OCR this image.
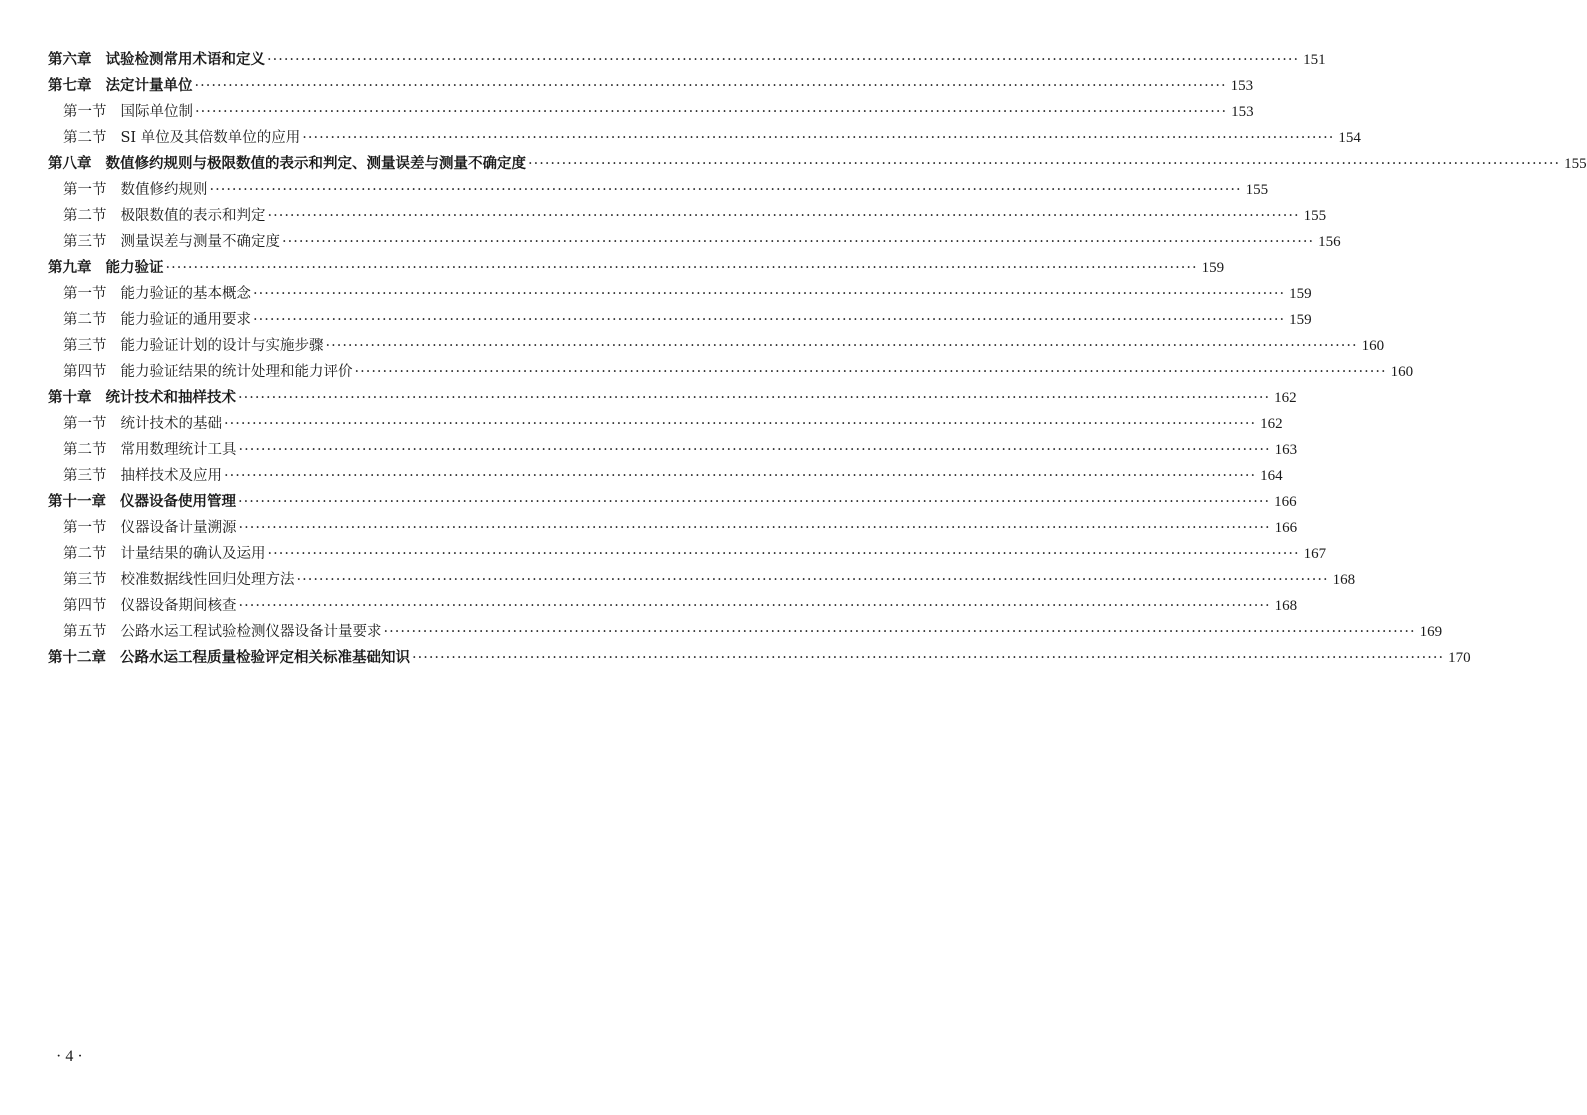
第六章 试验检测常用术语和定义 ·····	151
第七章 法定计量单位 ·····	153
第一节 国际单位制 ·····	153
第二节 SI 单位及其倍数单位的应用 ·····	154
第八章 数值修约规则与极限数值的表示和判定、测量误差与测量不确定度 ·····	155
第一节 数值修约规则 ·····	155
第二节 极限数值的表示和判定 ·····	155
第三节 测量误差与测量不确定度 ·····	156
第九章 能力验证 ·····	159
第一节 能力验证的基本概念 ·····	159
第二节 能力验证的通用要求 ·····	159
第三节 能力验证计划的设计与实施步骤 ·····	160
第四节 能力验证结果的统计处理和能力评价 ·····	160
第十章 统计技术和抽样技术 ·····	162
第一节 统计技术的基础 ·····	162
第二节 常用数理统计工具 ·····	163
第三节 抽样技术及应用 ·····	164
第十一章 仪器设备使用管理 ·····	166
第一节 仪器设备计量溯源 ·····	166
第二节 计量结果的确认及运用 ·····	167
第三节 校准数据线性回归处理方法 ·····	168
第四节 仪器设备期间核查 ·····	168
第五节 公路水运工程试验检测仪器设备计量要求 ·····	169
第十二章 公路水运工程质量检验评定相关标准基础知识 ·····	170
· 4 ·
